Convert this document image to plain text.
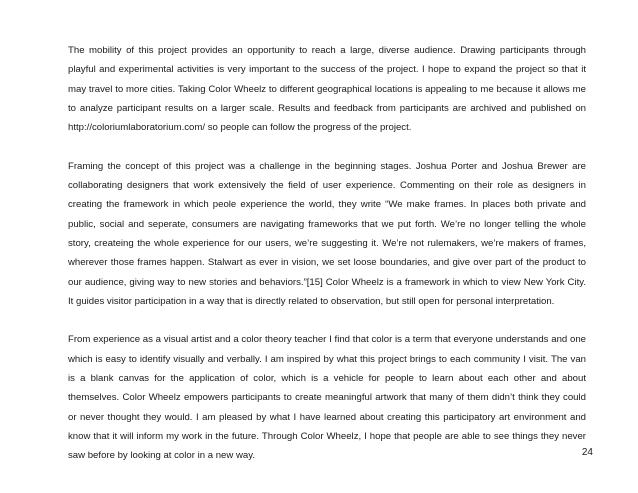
The mobility of this project provides an opportunity to reach a large, diverse audience. Drawing participants through playful and experimental activities is very important to the success of the project. I hope to expand the project so that it may travel to more cities. Taking Color Wheelz to different geographical locations is appealing to me because it allows me to analyze participant results on a larger scale. Results and feedback from participants are archived and published on http://coloriumlaboratorium.com/ so people can follow the progress of the project.

Framing the concept of this project was a challenge in the beginning stages. Joshua Porter and Joshua Brewer are collaborating designers that work extensively the field of user experience. Commenting on their role as designers in creating the framework in which peole experience the world, they write “We make frames. In places both private and public, social and seperate, consumers are navigating frameworks that we put forth. We’re no longer telling the whole story, createing the whole experience for our users, we’re suggesting it. We’re not rulemakers, we’re makers of frames, wherever those frames happen. Stalwart as ever in vision, we set loose boundaries, and give over part of the product to our audience, giving way to new stories and behaviors.”[15] Color Wheelz is a framework in which to view New York City. It guides visitor participation in a way that is directly related to observation, but still open for personal interpretation.

From experience as a visual artist and a color theory teacher I find that color is a term that everyone understands and one which is easy to identify visually and verbally. I am inspired by what this project brings to each community I visit. The van is a blank canvas for the application of color, which is a vehicle for people to learn about each other and about themselves. Color Wheelz empowers participants to create meaningful artwork that many of them didn’t think they could or never thought they would. I am pleased by what I have learned about creating this participatory art environment and know that it will inform my work in the future. Through Color Wheelz, I hope that people are able to see things they never saw before by looking at color in a new way.	24
